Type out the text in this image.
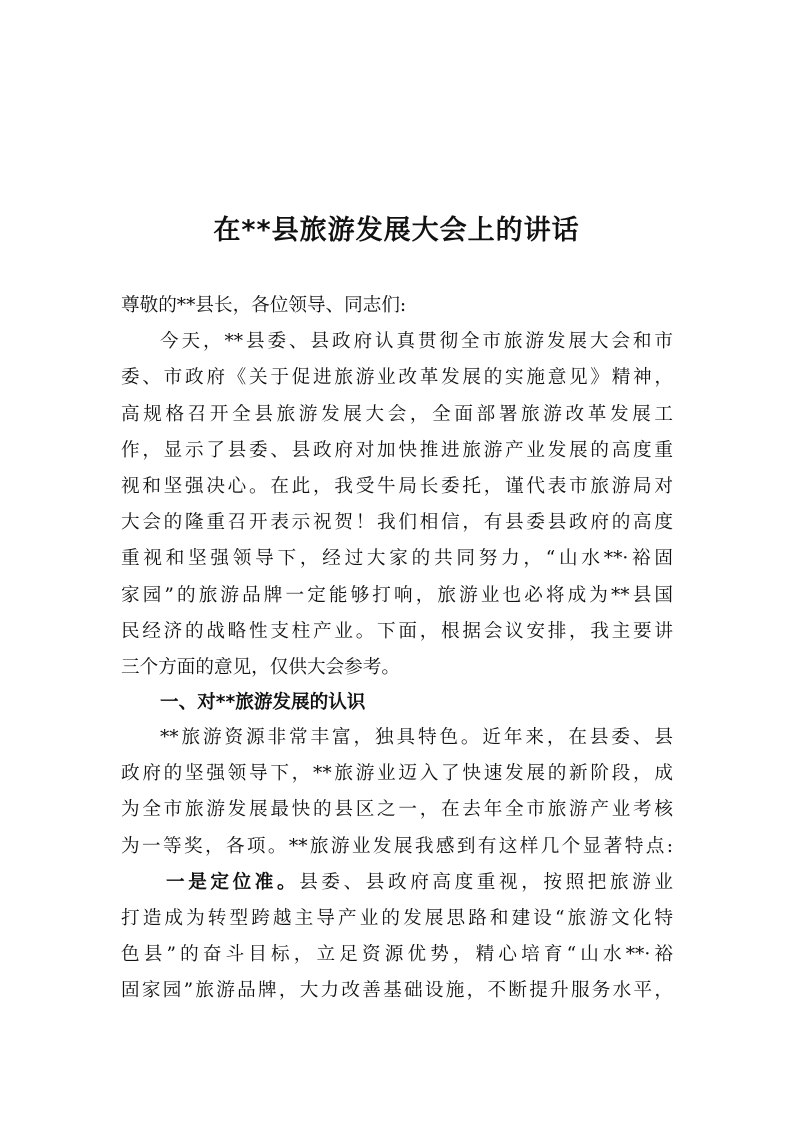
在**县旅游发展大会上的讲话
尊敬的**县长，各位领导、同志们:
今天，**县委、县政府认真贯彻全市旅游发展大会和市
委、市政府《关于促进旅游业改革发展的实施意见》精神，
高规格召开全县旅游发展大会，全面部署旅游改革发展工
作，显示了县委、县政府对加快推进旅游产业发展的高度重
视和坚强决心。在此，我受牛局长委托，谨代表市旅游局对
大会的隆重召开表示祝贺！我们相信，有县委县政府的高度
重视和坚强领导下，经过大家的共同努力，“山水**·裕固
家园”的旅游品牌一定能够打响，旅游业也必将成为**县国
民经济的战略性支柱产业。下面，根据会议安排，我主要讲
三个方面的意见，仅供大会参考。
一、对**旅游发展的认识
**旅游资源非常丰富，独具特色。近年来，在县委、县
政府的坚强领导下，**旅游业迈入了快速发展的新阶段，成
为全市旅游发展最快的县区之一，在去年全市旅游产业考核
为一等奖，各项。**旅游业发展我感到有这样几个显著特点:
一是定位准。县委、县政府高度重视，按照把旅游业
打造成为转型跨越主导产业的发展思路和建设“旅游文化特
色县”的奋斗目标，立足资源优势，精心培育“山水**·裕
固家园”旅游品牌，大力改善基础设施，不断提升服务水平，
